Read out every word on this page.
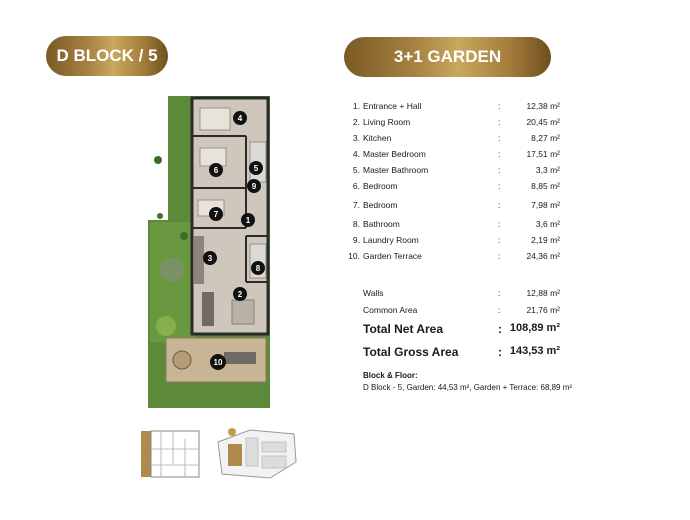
D BLOCK / 5	3+1 GARDEN
1
2
3
4
5
6
7
8
9
10
1. Entrance + Hall	:	12,38 m²
2. Living Room	:	20,45 m²
3. Kitchen	:	8,27 m²
4. Master Bedroom	:	17,51 m²
5. Master Bathroom	:	3,3 m²
6. Bedroom	:	8,85 m²
7. Bedroom	:	7,98 m²
8. Bathroom	:	3,6 m²
9. Laundry Room	:	2,19 m²
10. Garden Terrace	:	24,36 m²
Walls	:	12,88 m²
Common Area	:	21,76 m²
Total Net Area	: 108,89 m²
Total Gross Area	: 143,53 m²
Block & Floor:
D Block - 5, Garden: 44,53 m², Garden + Terrace: 68,89 m²
